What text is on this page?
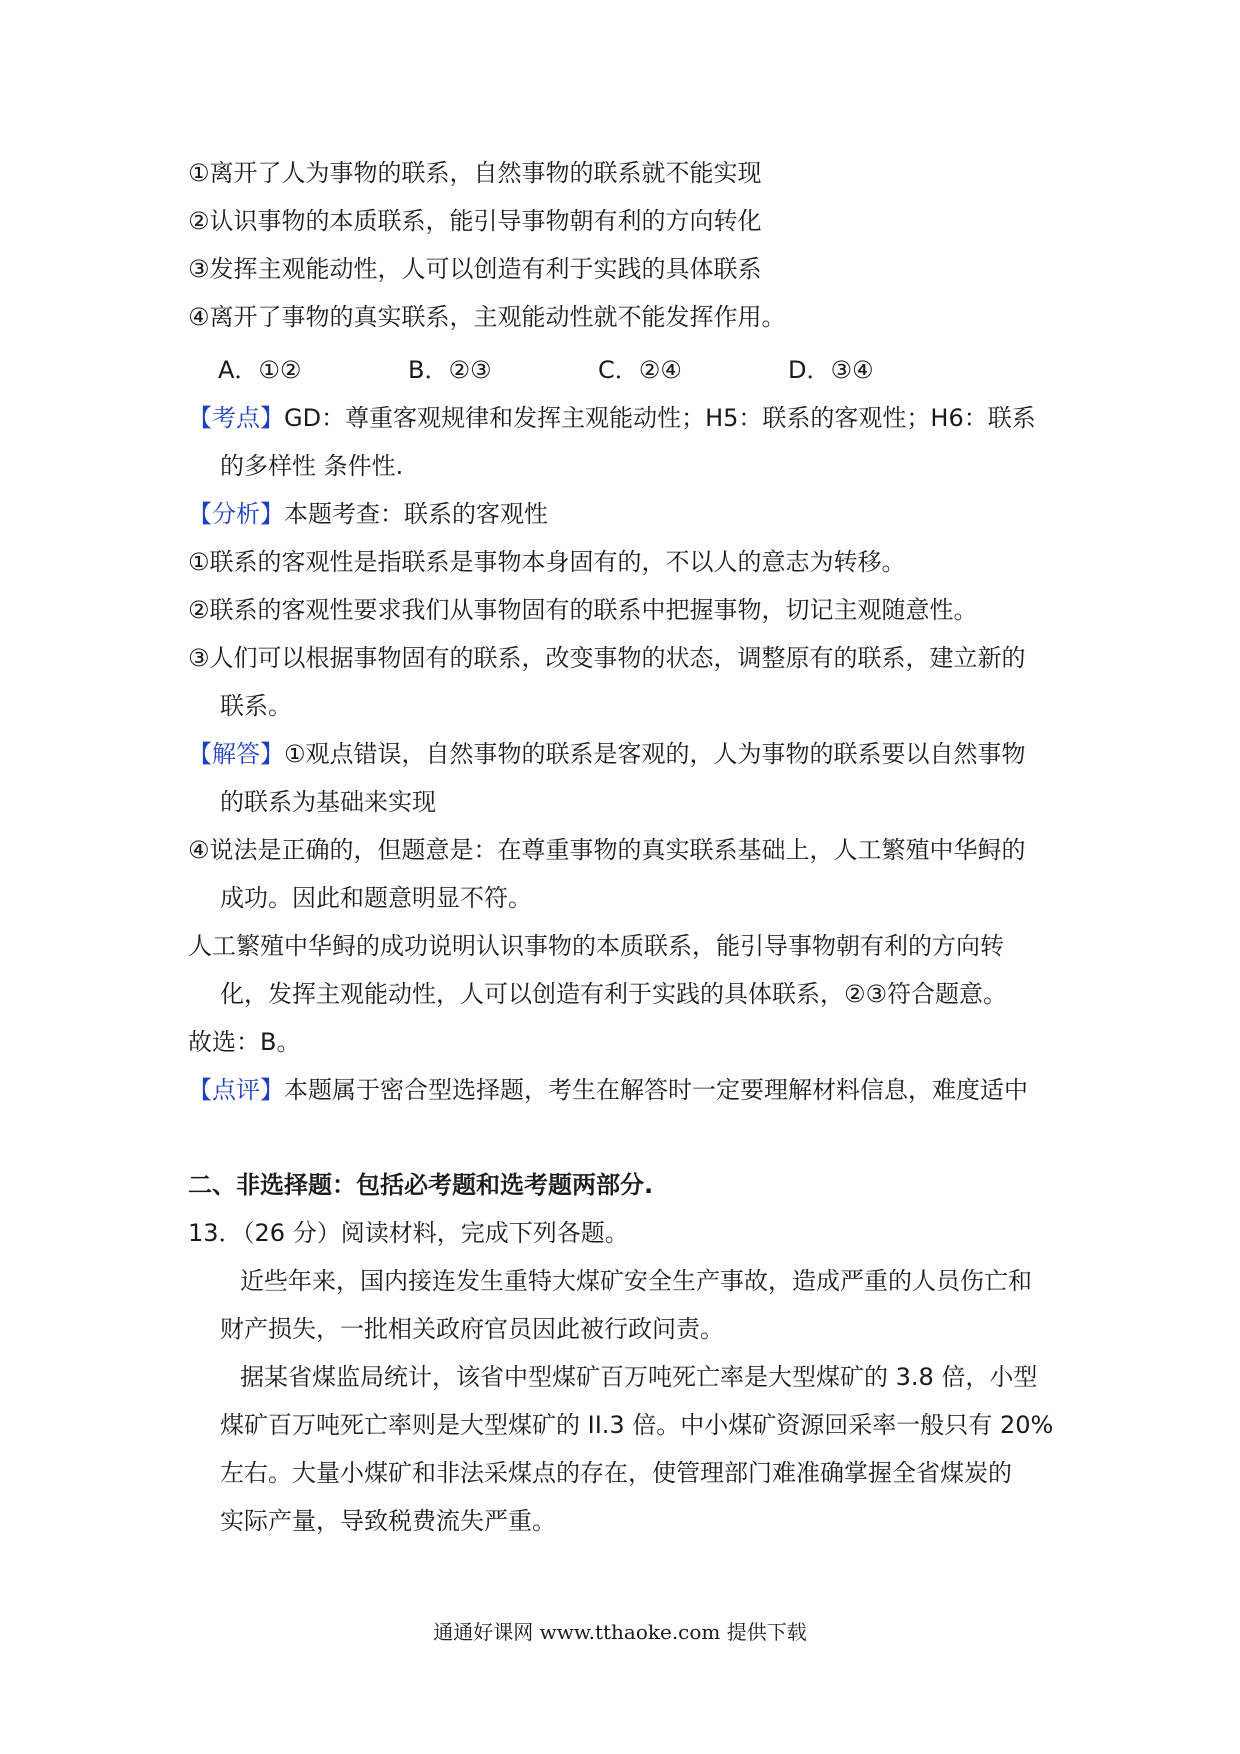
①离开了人为事物的联系，自然事物的联系就不能实现
②认识事物的本质联系，能引导事物朝有利的方向转化
③发挥主观能动性，人可以创造有利于实践的具体联系
④离开了事物的真实联系，主观能动性就不能发挥作用。
A．①②	B．②③	C．②④	D．③④
【考点】GD：尊重客观规律和发挥主观能动性；H5：联系的客观性；H6：联系
的多样性 条件性.
【分析】本题考查：联系的客观性
①联系的客观性是指联系是事物本身固有的，不以人的意志为转移。
②联系的客观性要求我们从事物固有的联系中把握事物，切记主观随意性。
③人们可以根据事物固有的联系，改变事物的状态，调整原有的联系，建立新的
联系。
【解答】①观点错误，自然事物的联系是客观的，人为事物的联系要以自然事物
的联系为基础来实现
④说法是正确的，但题意是：在尊重事物的真实联系基础上，人工繁殖中华鲟的
成功。因此和题意明显不符。
人工繁殖中华鲟的成功说明认识事物的本质联系，能引导事物朝有利的方向转
化，发挥主观能动性，人可以创造有利于实践的具体联系，②③符合题意。
故选：B。
【点评】本题属于密合型选择题，考生在解答时一定要理解材料信息，难度适中
二、非选择题：包括必考题和选考题两部分.
13．（26 分）阅读材料，完成下列各题。
近些年来，国内接连发生重特大煤矿安全生产事故，造成严重的人员伤亡和
财产损失，一批相关政府官员因此被行政问责。
据某省煤监局统计，该省中型煤矿百万吨死亡率是大型煤矿的 3.8 倍，小型
煤矿百万吨死亡率则是大型煤矿的 II.3 倍。中小煤矿资源回采率一般只有 20%
左右。大量小煤矿和非法采煤点的存在，使管理部门难准确掌握全省煤炭的
实际产量，导致税费流失严重。
通通好课网 www.tthaoke.com 提供下载
